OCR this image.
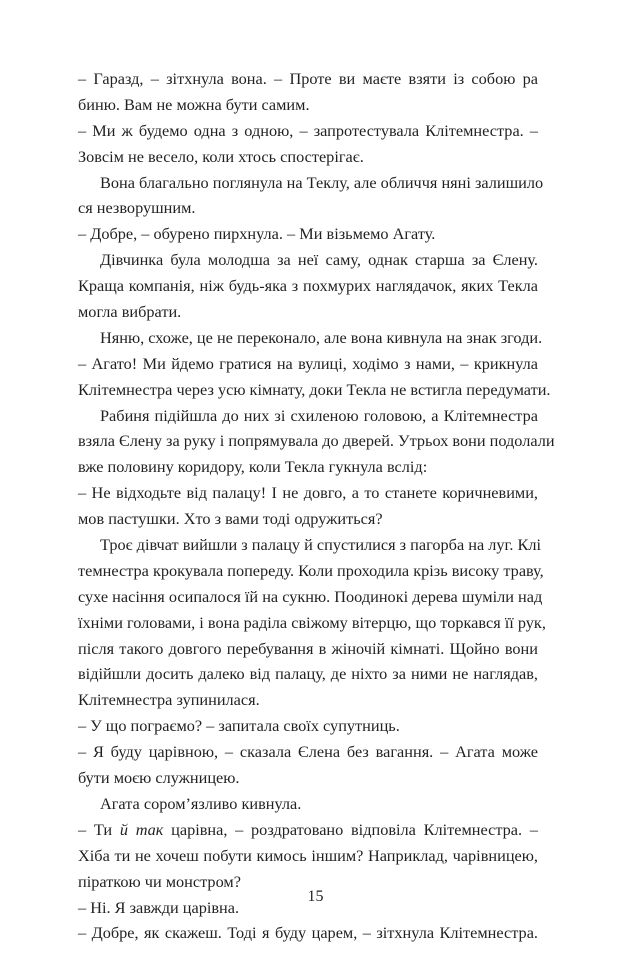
– Гаразд, – зітхнула вона. – Проте ви маєте взяти із собою ра
биню. Вам не можна бути самим.
– Ми ж будемо одна з одною, – запротестувала Клітемнестра. –
Зовсім не весело, коли хтось спостерігає.
Вона благально поглянула на Теклу, але обличчя няні залишило
ся незворушним.
– Добре, – обурено пирхнула. – Ми візьмемо Агату.
Дівчинка була молодша за неї саму, однак старша за Єлену.
Краща компанія, ніж будь-яка з похмурих наглядачок, яких Текла
могла вибрати.
Няню, схоже, це не переконало, але вона кивнула на знак згоди.
– Агато! Ми йдемо гратися на вулиці, ходімо з нами, – крикнула
Клітемнестра через усю кімнату, доки Текла не встигла передумати.
Рабиня підійшла до них зі схиленою головою, а Клітемнестра
взяла Єлену за руку і попрямувала до дверей. Утрьох вони подолали
вже половину коридору, коли Текла гукнула вслід:
– Не відходьте від палацу! І не довго, а то станете коричневими,
мов пастушки. Хто з вами тоді одружиться?
Троє дівчат вийшли з палацу й спустилися з пагорба на луг. Клі
темнестра крокувала попереду. Коли проходила крізь високу траву,
сухе насіння осипалося їй на сукню. Поодинокі дерева шуміли над
їхніми головами, і вона раділа свіжому вітерцю, що торкався її рук,
після такого довгого перебування в жіночій кімнаті. Щойно вони
відійшли досить далеко від палацу, де ніхто за ними не наглядав,
Клітемнестра зупинилася.
– У що пограємо? – запитала своїх супутниць.
– Я буду царівною, – сказала Єлена без вагання. – Агата може
бути моєю служницею.
Агата сором’язливо кивнула.
– Ти й так царівна, – роздратовано відповіла Клітемнестра. –
Хіба ти не хочеш побути кимось іншим? Наприклад, чарівницею,
піраткою чи монстром?
– Ні. Я завжди царівна.
– Добре, як скажеш. Тоді я буду царем, – зітхнула Клітемнестра.
15
